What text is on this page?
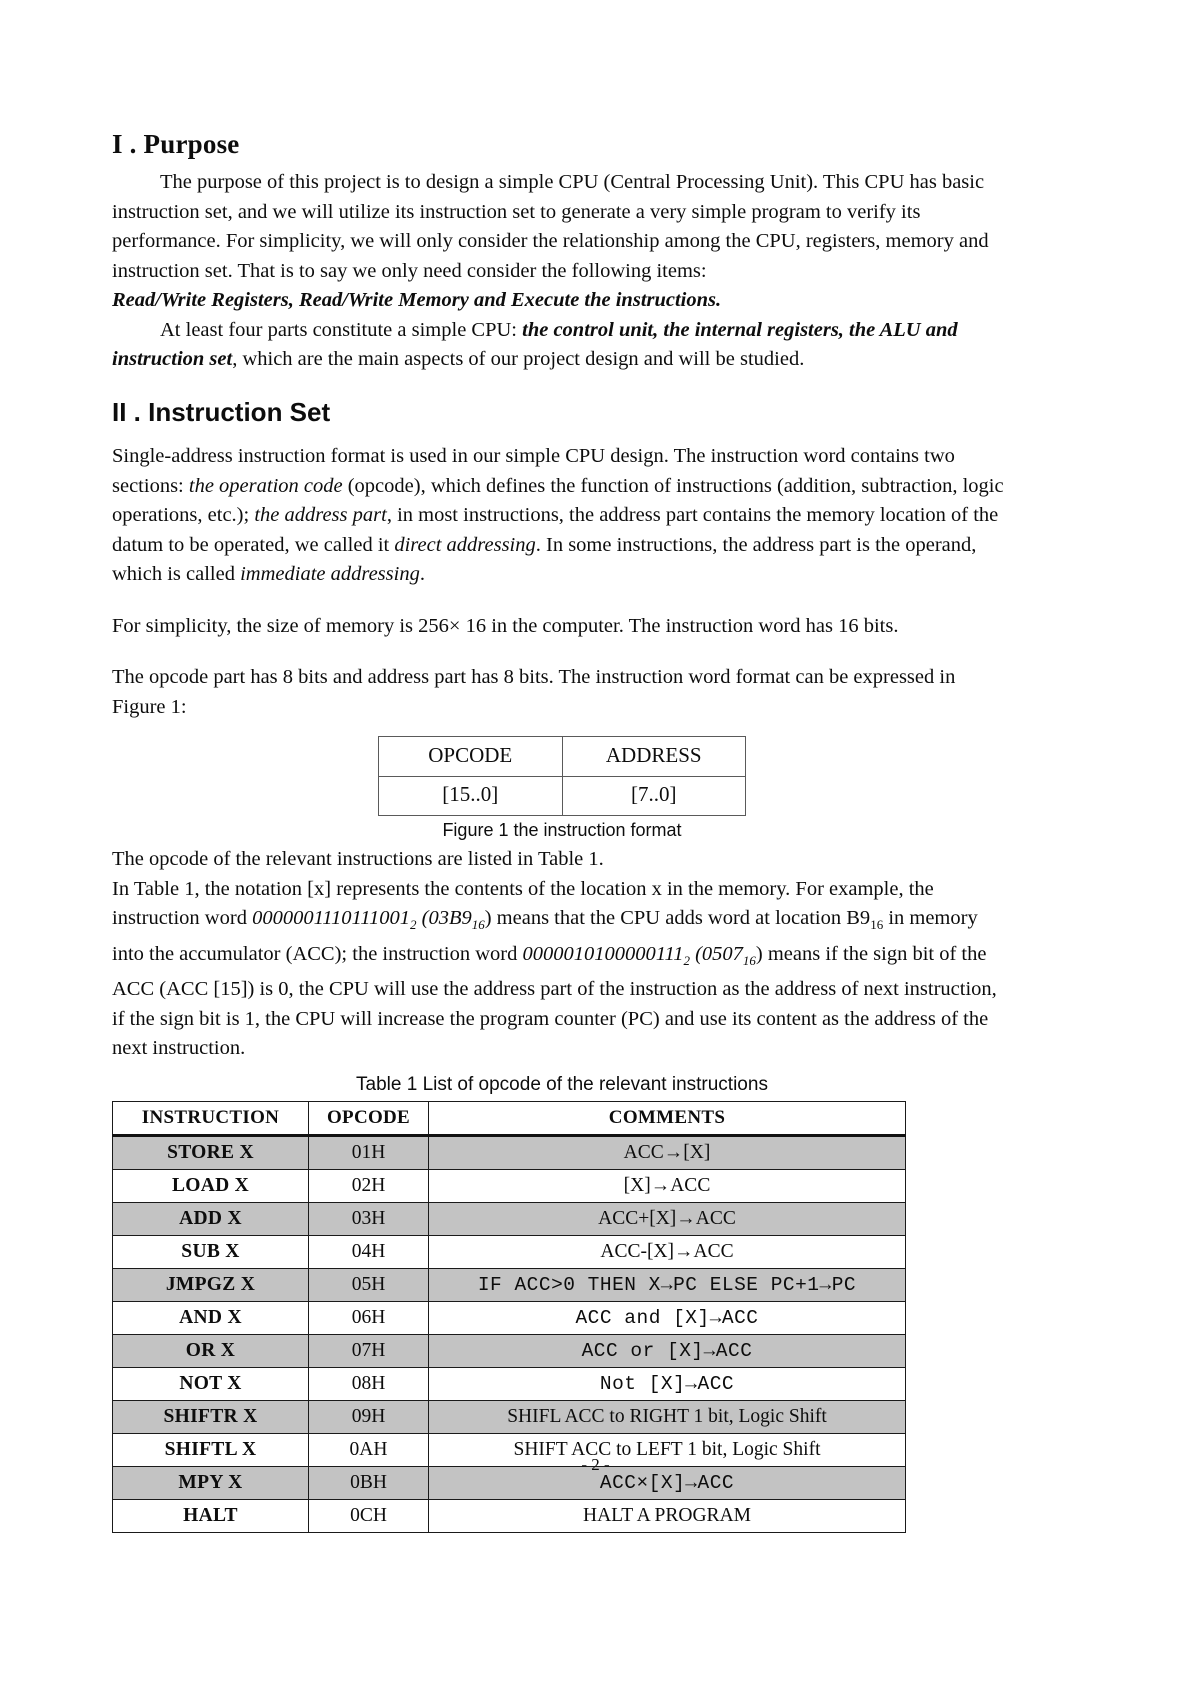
I . Purpose

The purpose of this project is to design a simple CPU (Central Processing Unit). This CPU has basic instruction set, and we will utilize its instruction set to generate a very simple program to verify its performance. For simplicity, we will only consider the relationship among the CPU, registers, memory and instruction set. That is to say we only need consider the following items:

Read/Write Registers, Read/Write Memory and Execute the instructions.

At least four parts constitute a simple CPU: the control unit, the internal registers, the ALU and instruction set, which are the main aspects of our project design and will be studied.

II . Instruction Set

Single-address instruction format is used in our simple CPU design. The instruction word contains two sections: the operation code (opcode), which defines the function of instructions (addition, subtraction, logic operations, etc.); the address part, in most instructions, the address part contains the memory location of the datum to be operated, we called it direct addressing. In some instructions, the address part is the operand, which is called immediate addressing.

For simplicity, the size of memory is 256× 16 in the computer. The instruction word has 16 bits.

The opcode part has 8 bits and address part has 8 bits. The instruction word format can be expressed in Figure 1:

OPCODE	ADDRESS
[15..0]	[7..0]
Figure 1 the instruction format

The opcode of the relevant instructions are listed in Table 1.

In Table 1, the notation [x] represents the contents of the location x in the memory. For example, the instruction word $0000001110111001_2$ $(03B9_{16})$ means that the CPU adds word at location $B9_{16}$ in memory into the accumulator (ACC); the instruction word $0000010100000111_2$ $(0507_{16})$ means if the sign bit of the ACC (ACC [15]) is 0, the CPU will use the address part of the instruction as the address of next instruction, if the sign bit is 1, the CPU will increase the program counter (PC) and use its content as the address of the next instruction.

Table 1 List of opcode of the relevant instructions
INSTRUCTION	OPCODE	COMMENTS
STORE X	01H	ACC→[X]
LOAD X	02H	[X]→ACC
ADD X	03H	ACC+[X]→ACC
SUB X	04H	ACC-[X]→ACC
JMPGZ X	05H	IF ACC>0 THEN X→PC ELSE PC+1→PC
AND X	06H	ACC and [X]→ACC
OR X	07H	ACC or [X]→ACC
NOT X	08H	Not [X]→ACC
SHIFTR X	09H	SHIFL ACC to RIGHT 1 bit, Logic Shift
SHIFTL X	0AH	SHIFT ACC to LEFT 1 bit, Logic Shift
MPY X	0BH	ACC×[X]→ACC
HALT	0CH	HALT A PROGRAM
- 2 -
